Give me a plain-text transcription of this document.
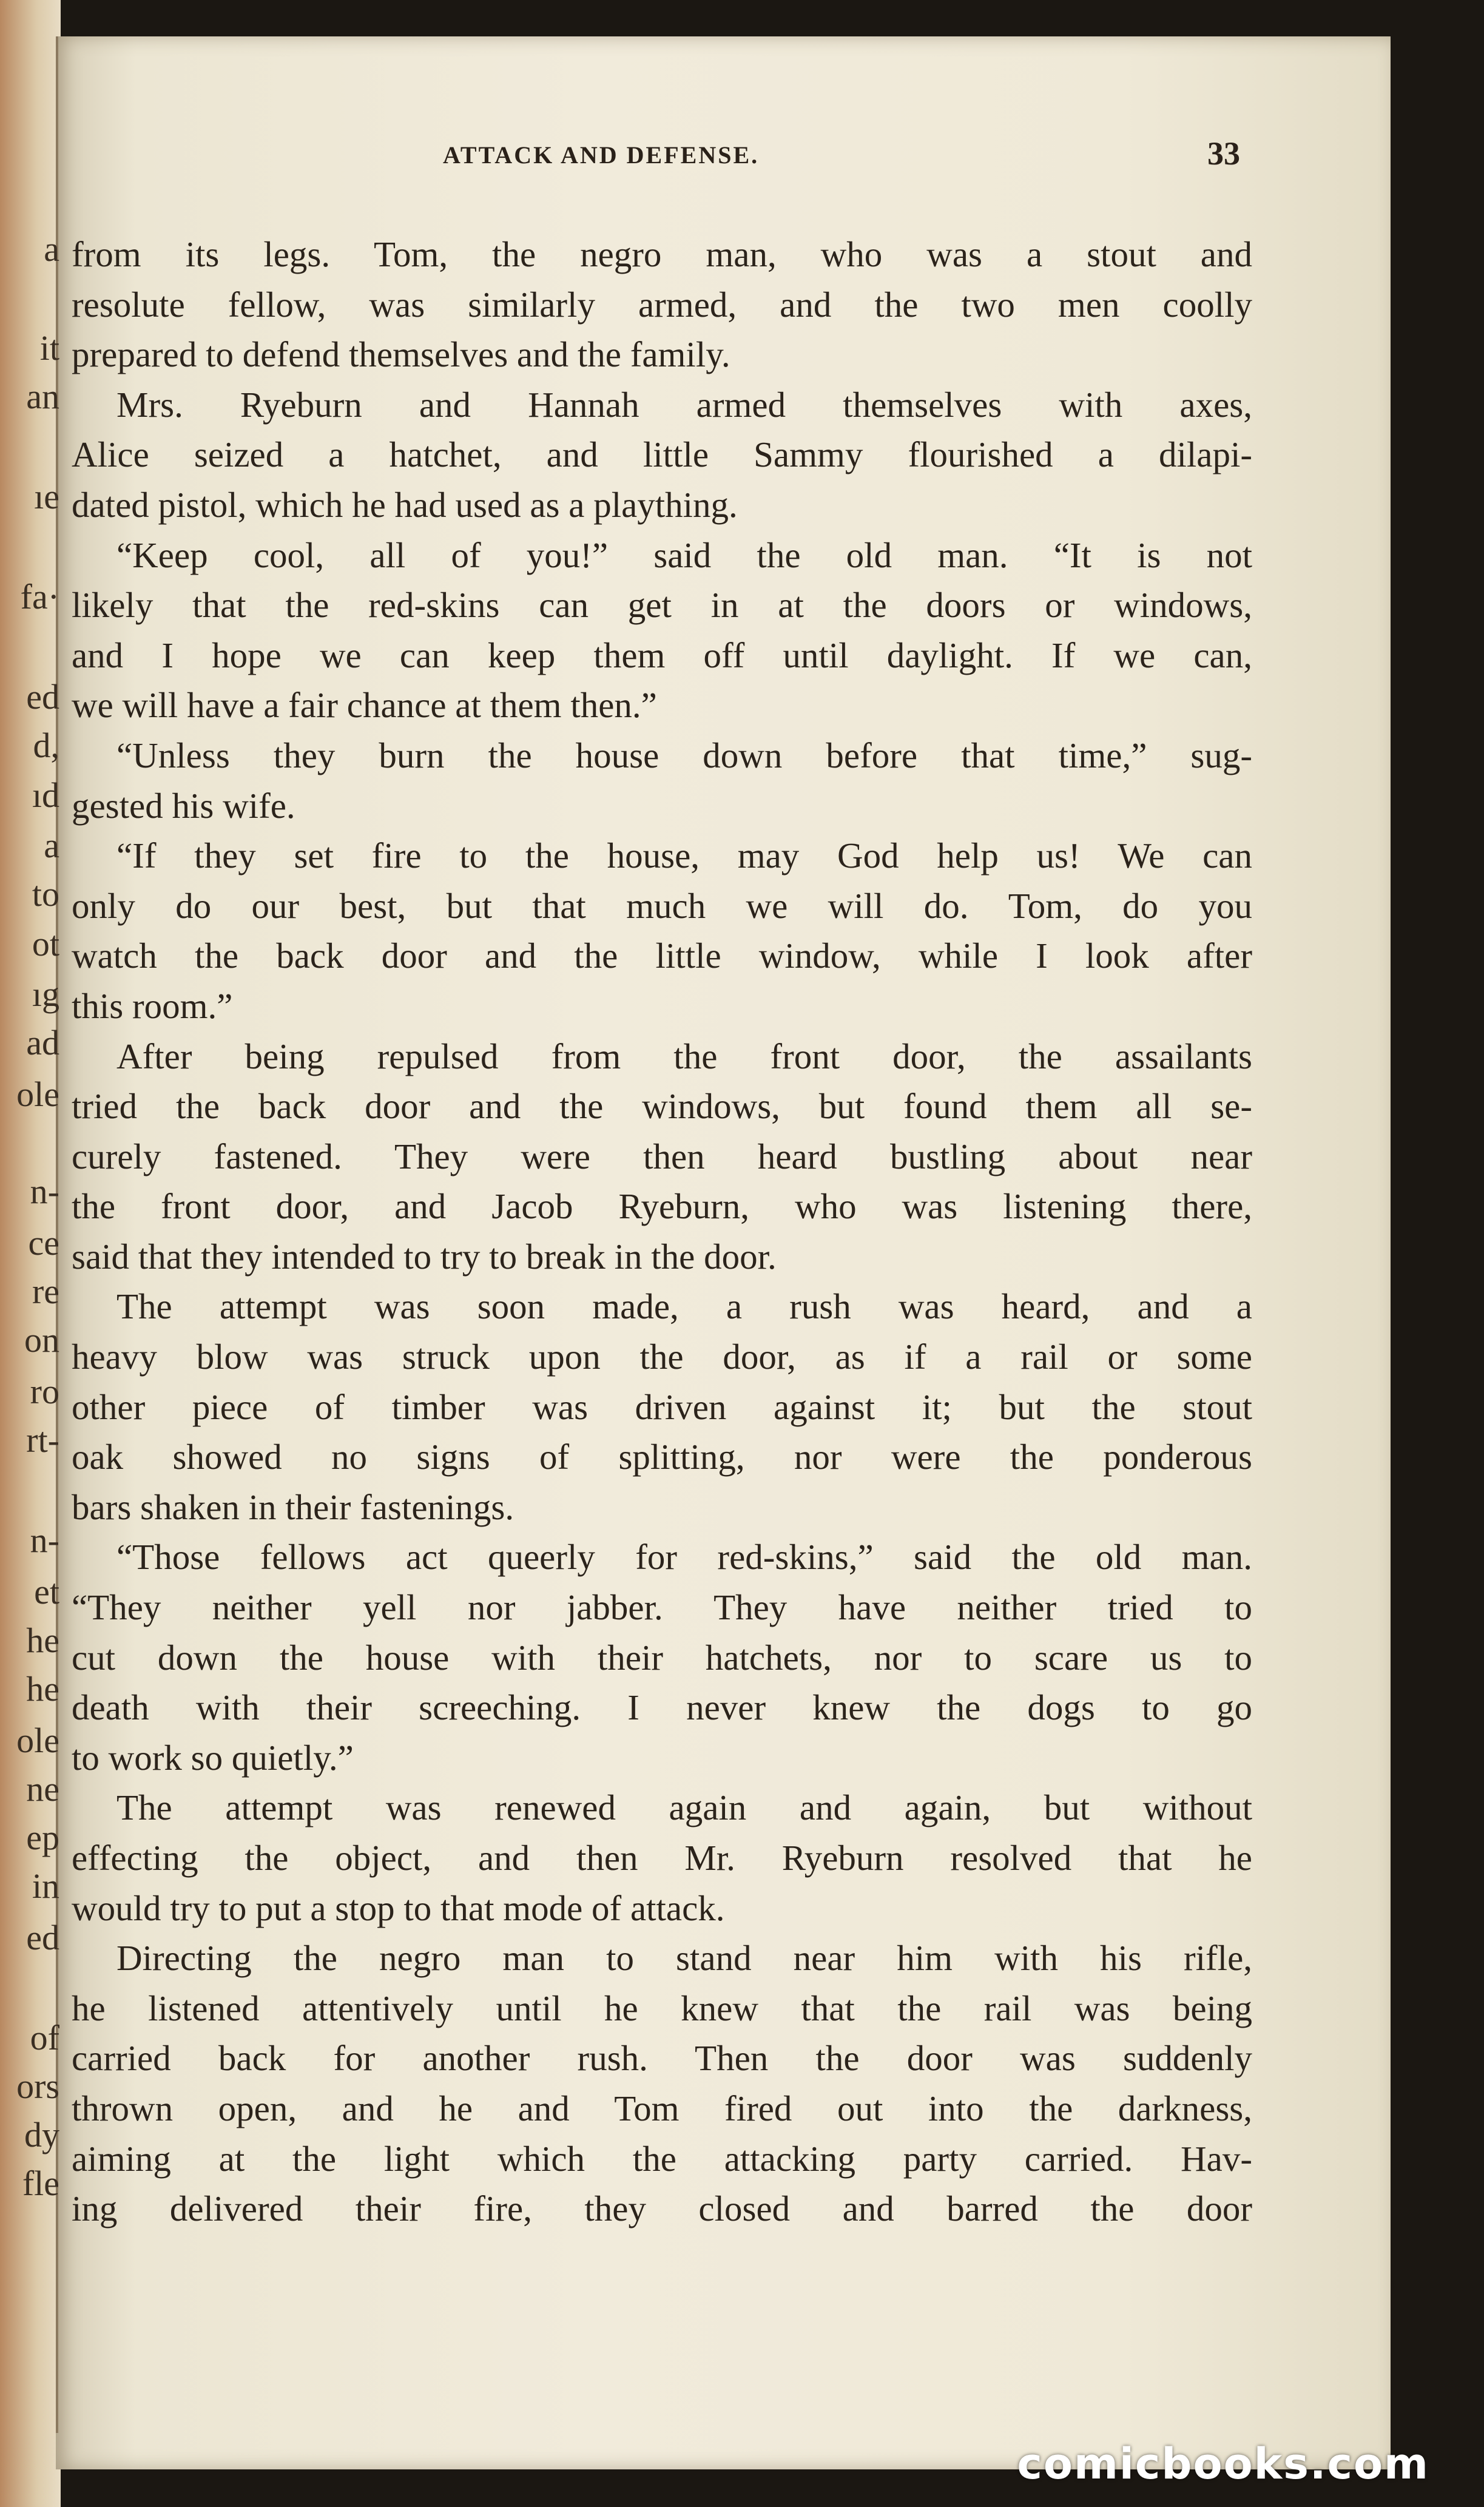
a
it
an
ıe
fa·
ed
d,
ıd
a
to
ot
ıg
ad
ole
n-
ce
re
on
ro
rt-
n-
et
he
he
ole
ne
ep
in
ed
of
ors
dy
fle
ATTACK AND DEFENSE.	33
from its legs. Tom, the negro man, who was a stout and
resolute fellow, was similarly armed, and the two men coolly
prepared to defend themselves and the family.
Mrs. Ryeburn and Hannah armed themselves with axes,
Alice seized a hatchet, and little Sammy flourished a dilapi-
dated pistol, which he had used as a plaything.
“Keep cool, all of you!” said the old man. “It is not
likely that the red-skins can get in at the doors or windows,
and I hope we can keep them off until daylight. If we can,
we will have a fair chance at them then.”
“Unless they burn the house down before that time,” sug-
gested his wife.
“If they set fire to the house, may God help us! We can
only do our best, but that much we will do. Tom, do you
watch the back door and the little window, while I look after
this room.”
After being repulsed from the front door, the assailants
tried the back door and the windows, but found them all se-
curely fastened. They were then heard bustling about near
the front door, and Jacob Ryeburn, who was listening there,
said that they intended to try to break in the door.
The attempt was soon made, a rush was heard, and a
heavy blow was struck upon the door, as if a rail or some
other piece of timber was driven against it; but the stout
oak showed no signs of splitting, nor were the ponderous
bars shaken in their fastenings.
“Those fellows act queerly for red-skins,” said the old man.
“They neither yell nor jabber. They have neither tried to
cut down the house with their hatchets, nor to scare us to
death with their screeching. I never knew the dogs to go
to work so quietly.”
The attempt was renewed again and again, but without
effecting the object, and then Mr. Ryeburn resolved that he
would try to put a stop to that mode of attack.
Directing the negro man to stand near him with his rifle,
he listened attentively until he knew that the rail was being
carried back for another rush. Then the door was suddenly
thrown open, and he and Tom fired out into the darkness,
aiming at the light which the attacking party carried. Hav-
ing delivered their fire, they closed and barred the door
comicbooks.com
